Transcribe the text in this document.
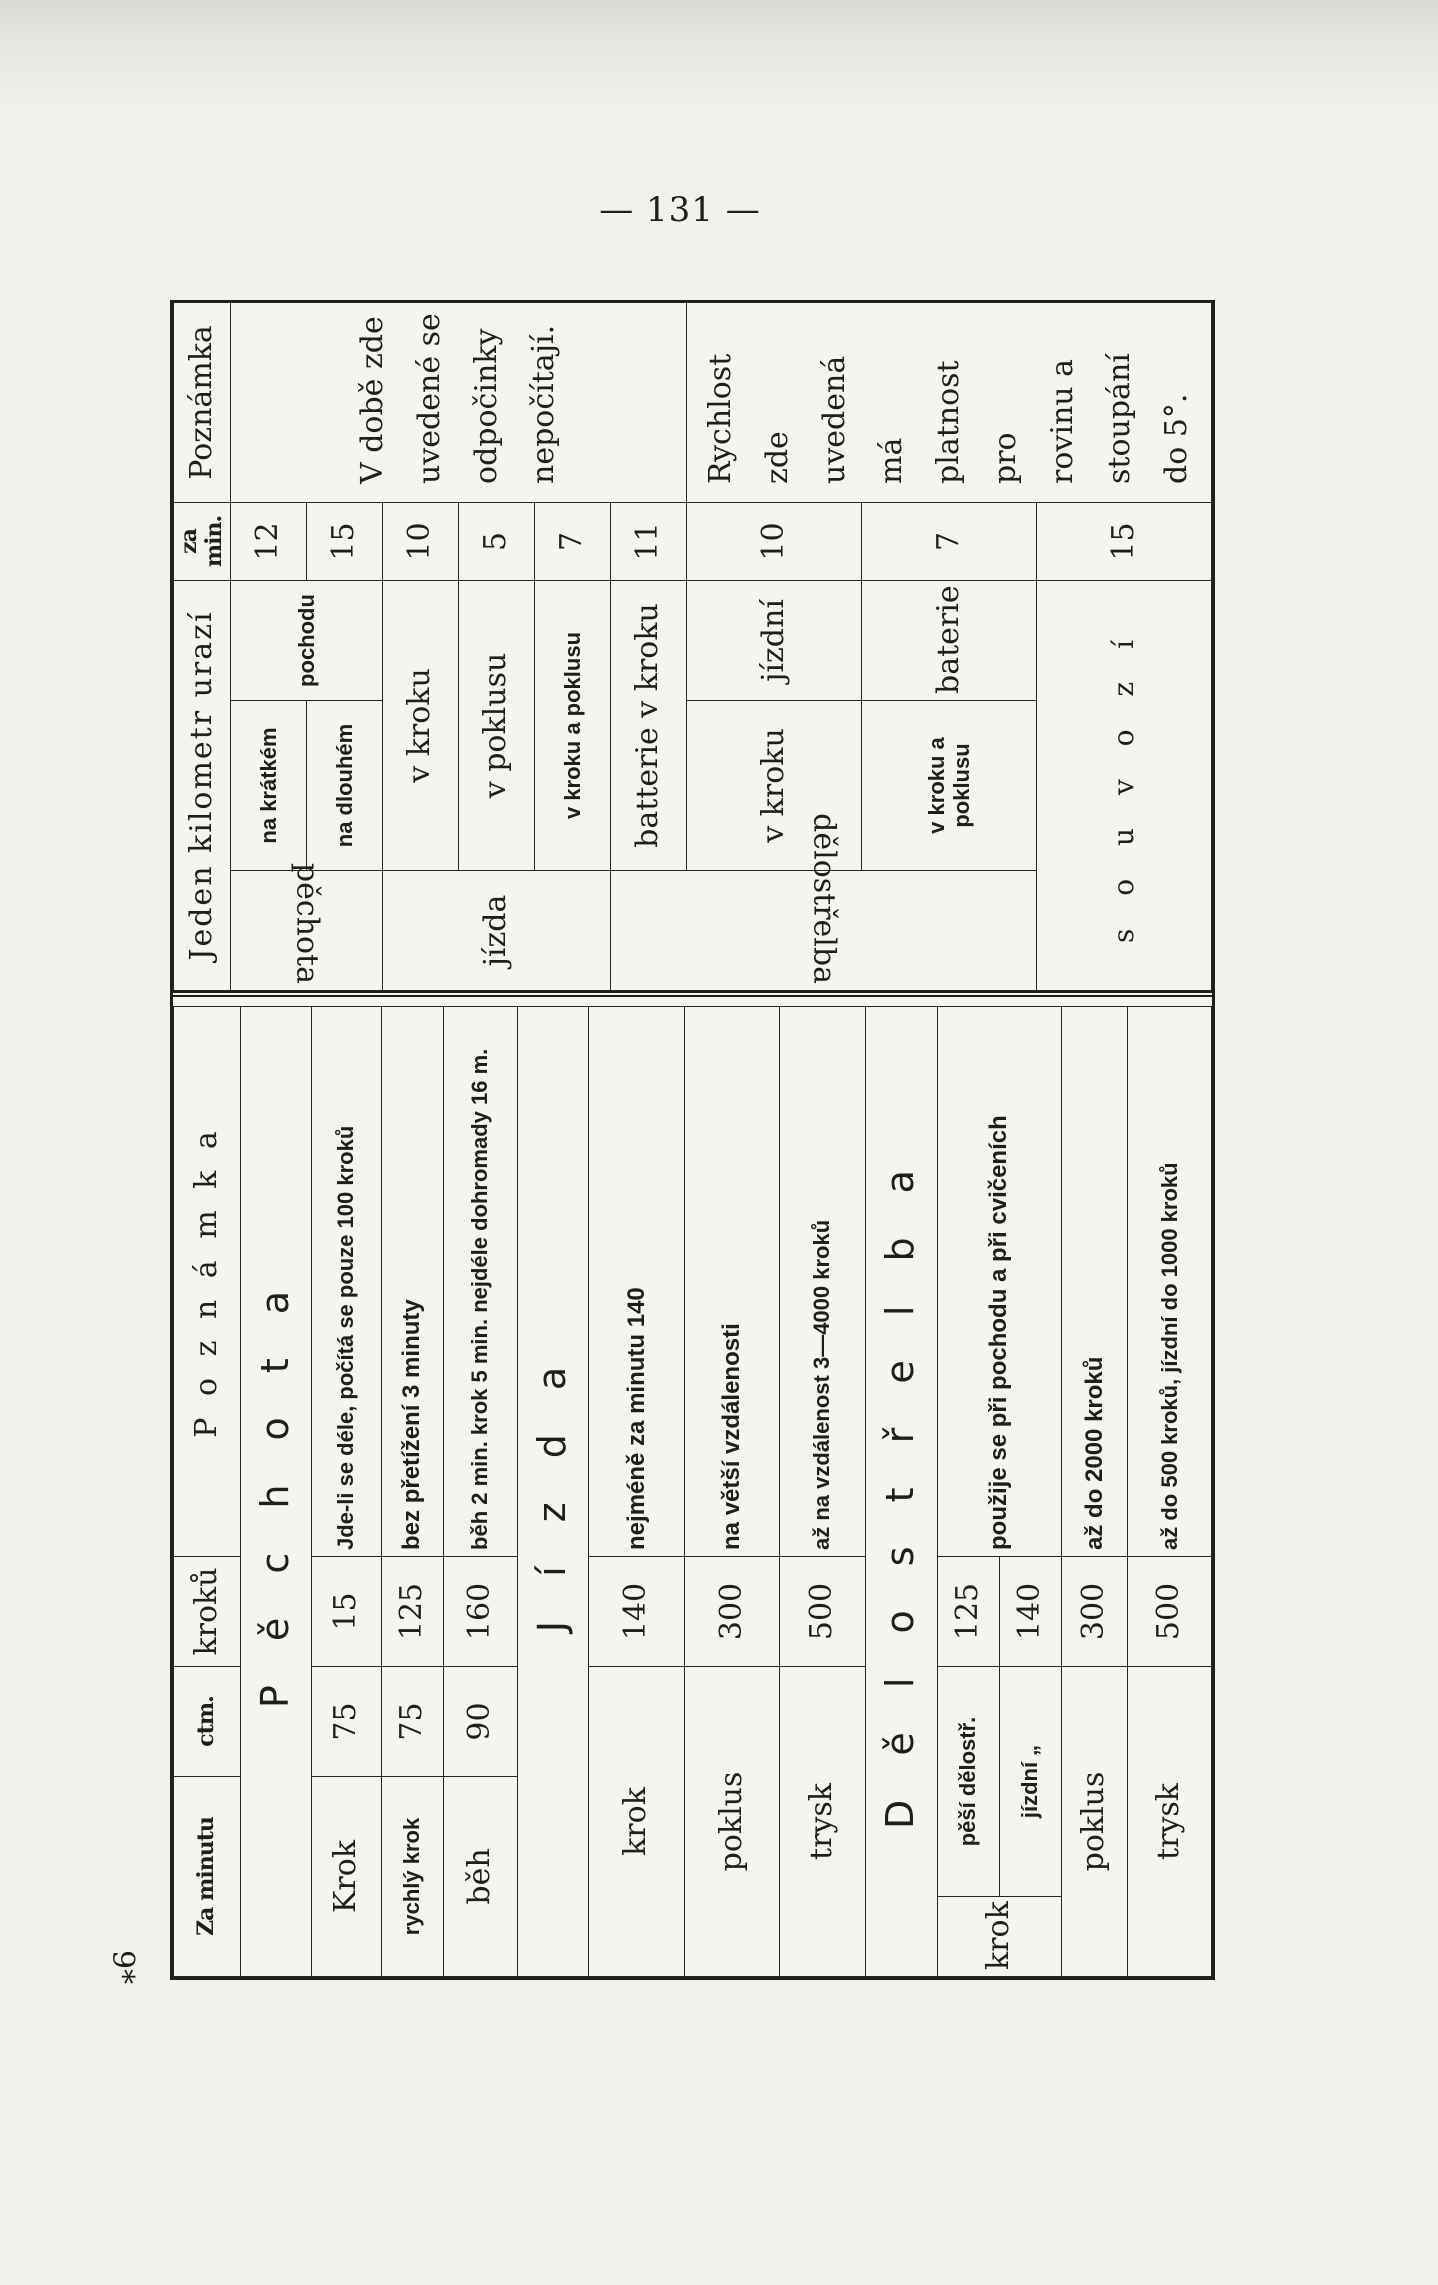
— 131 —
9*
Za minutu		ctm.	kroků	P o z n á m k a
P ě c h o t a				
Krok		75	15	Jde-li se déle, počítá se pouze 100 kroků
rychlý krok		75	125	bez přetížení 3 minuty
běh		90	160	běh 2 min. krok 5 min. nejdéle dohromady 16 m.
J í z d a				
krok			140	nejméně za minutu 140
poklus			300	na větší vzdálenosti
trysk			500	až na vzdálenost 3—4000 kroků
D ě l o s t ř e l b a				
krok	pěší dělostř.		125	použije se při pochodu a při cvičeních
	jízdní „		140	
poklus			300	až do 2000 kroků
trysk			500	až do 500 kroků, jízdní do 1000 kroků
Jeden kilometr urazí			za min.	Poznámka
pěchota	na krátkém	pochodu	12	V době zde uvedené se odpočinky nepočítají.

	na dlouhém		15	
jízda	v kroku		10	
	v poklusu		5	
	v kroku a poklusu		7	
dělostřelba	batterie v kroku		11	
	v kroku	jízdní	10	Rychlost zde uvedená má platnost pro rovinu a stoupání do 5°.

	v kroku a poklusu	baterie	7	
s o u v o z í			15	
